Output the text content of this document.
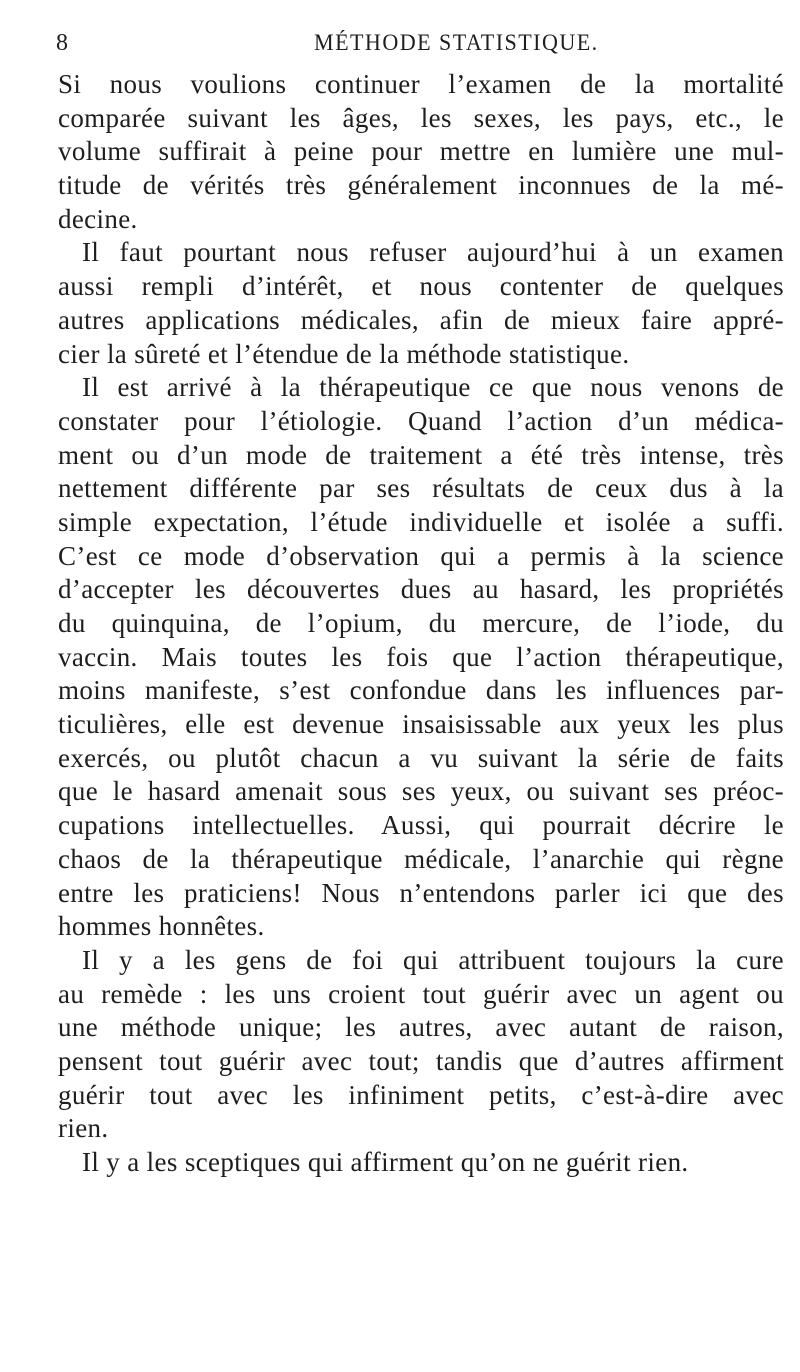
8	MÉTHODE STATISTIQUE.
Si nous voulions continuer l’examen de la mortalité
comparée suivant les âges, les sexes, les pays, etc., le
volume suffirait à peine pour mettre en lumière une mul-
titude de vérités très généralement inconnues de la mé-
decine.
Il faut pourtant nous refuser aujourd’hui à un examen
aussi rempli d’intérêt, et nous contenter de quelques
autres applications médicales, afin de mieux faire appré-
cier la sûreté et l’étendue de la méthode statistique.
Il est arrivé à la thérapeutique ce que nous venons de
constater pour l’étiologie. Quand l’action d’un médica-
ment ou d’un mode de traitement a été très intense, très
nettement différente par ses résultats de ceux dus à la
simple expectation, l’étude individuelle et isolée a suffi.
C’est ce mode d’observation qui a permis à la science
d’accepter les découvertes dues au hasard, les propriétés
du quinquina, de l’opium, du mercure, de l’iode, du
vaccin. Mais toutes les fois que l’action thérapeutique,
moins manifeste, s’est confondue dans les influences par-
ticulières, elle est devenue insaisissable aux yeux les plus
exercés, ou plutôt chacun a vu suivant la série de faits
que le hasard amenait sous ses yeux, ou suivant ses préoc-
cupations intellectuelles. Aussi, qui pourrait décrire le
chaos de la thérapeutique médicale, l’anarchie qui règne
entre les praticiens! Nous n’entendons parler ici que des
hommes honnêtes.
Il y a les gens de foi qui attribuent toujours la cure
au remède : les uns croient tout guérir avec un agent ou
une méthode unique; les autres, avec autant de raison,
pensent tout guérir avec tout; tandis que d’autres affirment
guérir tout avec les infiniment petits, c’est-à-dire avec
rien.
Il y a les sceptiques qui affirment qu’on ne guérit rien.
